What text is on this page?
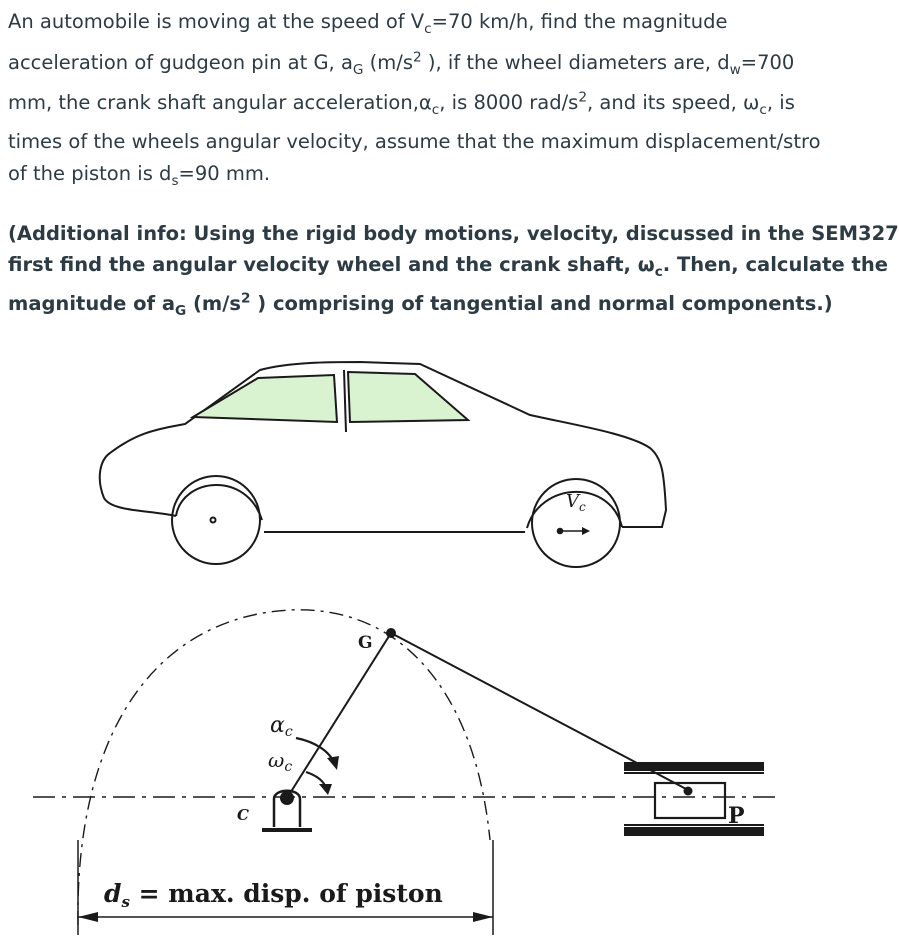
An automobile is moving at the speed of $V_c=70$ km/h, find the magnitude
acceleration of gudgeon pin at G, $a_G$ ($m/s^2$ ), if the wheel diameters are, $d_w=700$
mm, the crank shaft angular $acceleration,\alpha_c$, is 8000 rad/$s^2$, and its speed, $\omega_c$, is
times of the wheels angular velocity, assume that the maximum displacement/stro
of the piston is $d_s=90$ mm.
(Additional info: Using the rigid body motions, velocity, discussed in the SEM327
first find the angular velocity wheel and the crank shaft, $\omega_c$. Then, calculate the
magnitude of $a_G$ ($m/s^2$ ) comprising of tangential and normal components.)
$V_c$
G
αc
$\omega_c$
C	P
$d_s = \max$. disp. of piston
